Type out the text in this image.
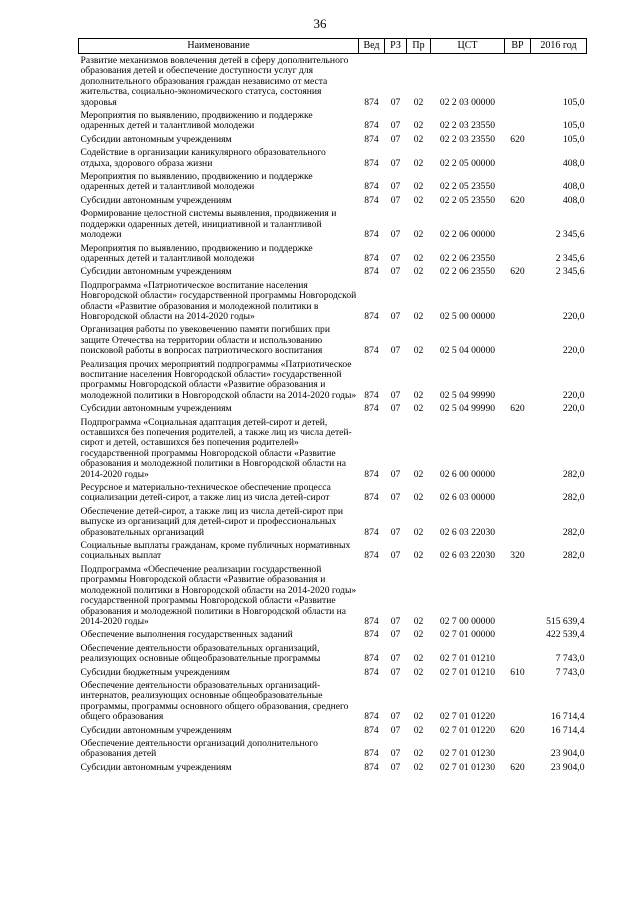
36
Наименование	Вед	РЗ	Пр	ЦСТ	ВР	2016 год
Развитие механизмов вовлечения детей в сферу дополнительного образования детей и обеспечение доступности услуг для дополнительного образования граждан независимо от места жительства, социально-экономического статуса, состояния здоровья	874	07	02	02 2 03 00000		105,0
Мероприятия по выявлению, продвижению и поддержке одаренных детей и талантливой молодежи	874	07	02	02 2 03 23550		105,0
Субсидии автономным учреждениям	874	07	02	02 2 03 23550	620	105,0
Содействие в организации каникулярного образовательного отдыха, здорового образа жизни	874	07	02	02 2 05 00000		408,0
Мероприятия по выявлению, продвижению и поддержке одаренных детей и талантливой молодежи	874	07	02	02 2 05 23550		408,0
Субсидии автономным учреждениям	874	07	02	02 2 05 23550	620	408,0
Формирование целостной системы выявления, продвижения и поддержки одаренных детей, инициативной и талантливой молодежи	874	07	02	02 2 06 00000		2 345,6
Мероприятия по выявлению, продвижению и поддержке одаренных детей и талантливой молодежи	874	07	02	02 2 06 23550		2 345,6
Субсидии автономным учреждениям	874	07	02	02 2 06 23550	620	2 345,6
Подпрограмма «Патриотическое воспитание населения Новгородской области» государственной программы Новгородской области «Развитие образования и молодежной политики в Новгородской области на 2014-2020 годы»	874	07	02	02 5 00 00000		220,0
Организация работы по увековечению памяти погибших при защите Отечества на территории области и использованию поисковой работы в вопросах патриотического воспитания	874	07	02	02 5 04 00000		220,0
Реализация прочих мероприятий подпрограммы «Патриотическое воспитание населения Новгородской области» государственной программы Новгородской области «Развитие образования и молодежной политики в Новгородской области на 2014-2020 годы»	874	07	02	02 5 04 99990		220,0
Субсидии автономным учреждениям	874	07	02	02 5 04 99990	620	220,0
Подпрограмма «Социальная адаптация детей-сирот и детей, оставшихся без попечения родителей, а также лиц из числа детей-сирот и детей, оставшихся без попечения родителей» государственной программы Новгородской области «Развитие образования и молодежной политики в Новгородской области на 2014-2020 годы»	874	07	02	02 6 00 00000		282,0
Ресурсное и материально-техническое обеспечение процесса социализации детей-сирот, а также лиц из числа детей-сирот	874	07	02	02 6 03 00000		282,0
Обеспечение детей-сирот, а также лиц из числа детей-сирот при выпуске из организаций для детей-сирот и профессиональных образовательных организаций	874	07	02	02 6 03 22030		282,0
Социальные выплаты гражданам, кроме публичных нормативных социальных выплат	874	07	02	02 6 03 22030	320	282,0
Подпрограмма «Обеспечение реализации государственной программы Новгородской области «Развитие образования и молодежной политики в Новгородской области на 2014-2020 годы» государственной программы Новгородской области «Развитие образования и молодежной политики в Новгородской области на 2014-2020 годы»	874	07	02	02 7 00 00000		515 639,4
Обеспечение выполнения государственных заданий	874	07	02	02 7 01 00000		422 539,4
Обеспечение деятельности образовательных организаций, реализующих основные общеобразовательные программы	874	07	02	02 7 01 01210		7 743,0
Субсидии бюджетным учреждениям	874	07	02	02 7 01 01210	610	7 743,0
Обеспечение деятельности образовательных организаций-интернатов, реализующих основные общеобразовательные программы, программы основного общего образования, среднего общего образования	874	07	02	02 7 01 01220		16 714,4
Субсидии автономным учреждениям	874	07	02	02 7 01 01220	620	16 714,4
Обеспечение деятельности организаций дополнительного образования детей	874	07	02	02 7 01 01230		23 904,0
Субсидии автономным учреждениям	874	07	02	02 7 01 01230	620	23 904,0
